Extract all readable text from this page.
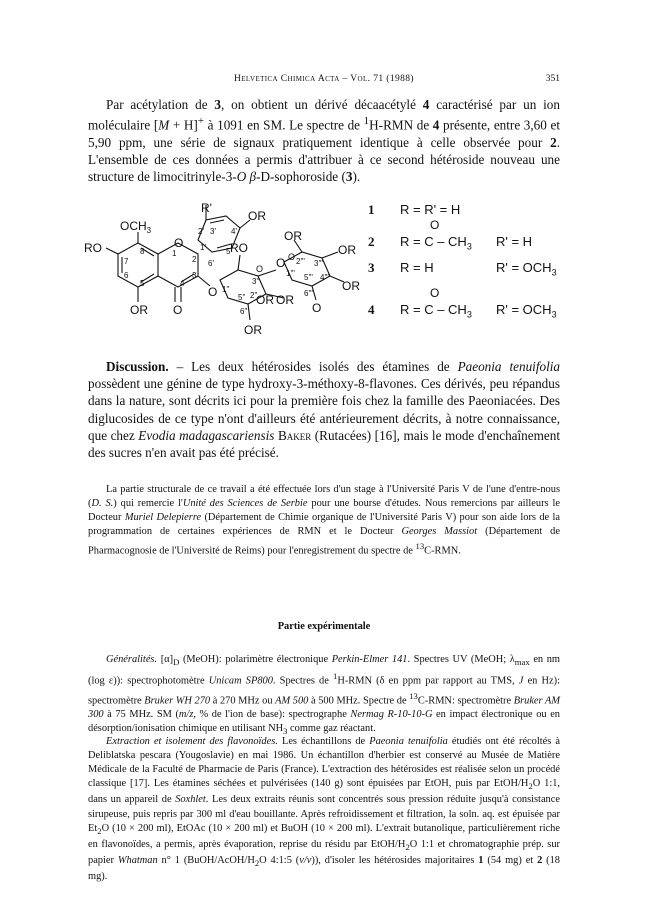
Helvetica Chimica Acta – Vol. 71 (1988)	351

Par acétylation de 3, on obtient un dérivé décaacétylé 4 caractérisé par un ion moléculaire [M + H]+ à 1091 en SM. Le spectre de $^1$H-RMN de 4 présente, entre 3,60 et 5,90 ppm, une série de signaux pratiquement identique à celle observée pour 2. L'ensemble de ces données a permis d'attribuer à ce second hétéroside nouveau une structure de limocitrinyle-3-O β-D-sophoroside (3).

R'
3' 4'
OR
2'
5'
1'
6'
$OCH_3$
8
7
6
5
1
2
3
4
O
RO
OR O
O
RO
1"
2"
3"
5"
6"
2'" 3'"
5'"
6'"
4'"
1'"
O
O
O
O
OR
OR
OR
OR
OR
OR
1 R = R' = H
O
2 $R = C - CH_3$ R' = H
3 R = H	$R' = OCH_3$
O
4 $R = C - CH_3$ $R' = OCH_3$

Discussion. – Les deux hétérosides isolés des étamines de Paeonia tenuifolia possèdent une génine de type hydroxy-3-méthoxy-8-flavones. Ces dérivés, peu répandus dans la nature, sont décrits ici pour la première fois chez la famille des Paeoniacées. Des diglucosides de ce type n'ont d'ailleurs été antérieurement décrits, à notre connaissance, que chez Evodia madagascariensis Baker (Rutacées) [16], mais le mode d'enchaînement des sucres n'en avait pas été précisé.

La partie structurale de ce travail a été effectuée lors d'un stage à l'Université Paris V de l'une d'entre-nous (D. S.) qui remercie l'Unité des Sciences de Serbie pour une bourse d'études. Nous remercions par ailleurs le Docteur Muriel Delepierre (Département de Chimie organique de l'Université Paris V) pour son aide lors de la programmation de certaines expériences de RMN et le Docteur Georges Massiot (Département de Pharmacognosie de l'Université de Reims) pour l'enregistrement du spectre de $^{13}$C-RMN.

Partie expérimentale

Généralités. $[\alpha]_D$ (MeOH): polarimètre électronique Perkin-Elmer 141. Spectres UV (MeOH; $\lambda_{max}$ en nm (log ε)): spectrophotomètre Unicam SP800. Spectres de $^1$H-RMN (δ en ppm par rapport au TMS, J en Hz): spectromètre Bruker WH 270 à 270 MHz ou AM 500 à 500 MHz. Spectre de $^{13}$C-RMN: spectromètre Bruker AM 300 à 75 MHz. SM (m/z, % de l'ion de base): spectrographe Nermag R-10-10-G en impact électronique ou en désorption/ionisation chimique en utilisant $NH_3$ comme gaz réactant.

Extraction et isolement des flavonoïdes. Les échantillons de Paeonia tenuifolia étudiés ont été récoltés à Deliblatska pescara (Yougoslavie) en mai 1986. Un échantillon d'herbier est conservé au Musée de Matière Médicale de la Faculté de Pharmacie de Paris (France). L'extraction des hétérosides est réalisée selon un procédé classique [17]. Les étamines séchées et pulvérisées (140 g) sont épuisées par EtOH, puis par EtOH/$H_2O$ 1:1, dans un appareil de Soxhlet. Les deux extraits réunis sont concentrés sous pression réduite jusqu'à consistance sirupeuse, puis repris par 300 ml d'eau bouillante. Après refroidissement et filtration, la soln. aq. est épuisée par $Et_2O$ (10 × 200 ml), EtOAc (10 × 200 ml) et BuOH (10 × 200 ml). L'extrait butanolique, particulièrement riche en flavonoïdes, a permis, après évaporation, reprise du résidu par EtOH/$H_2O$ 1:1 et chromatographie prép. sur papier Whatman n° 1 ($BuOH/AcOH/H_2O$ 4:1:5 (v/v)), d'isoler les hétérosides majoritaires 1 (54 mg) et 2 (18 mg).
